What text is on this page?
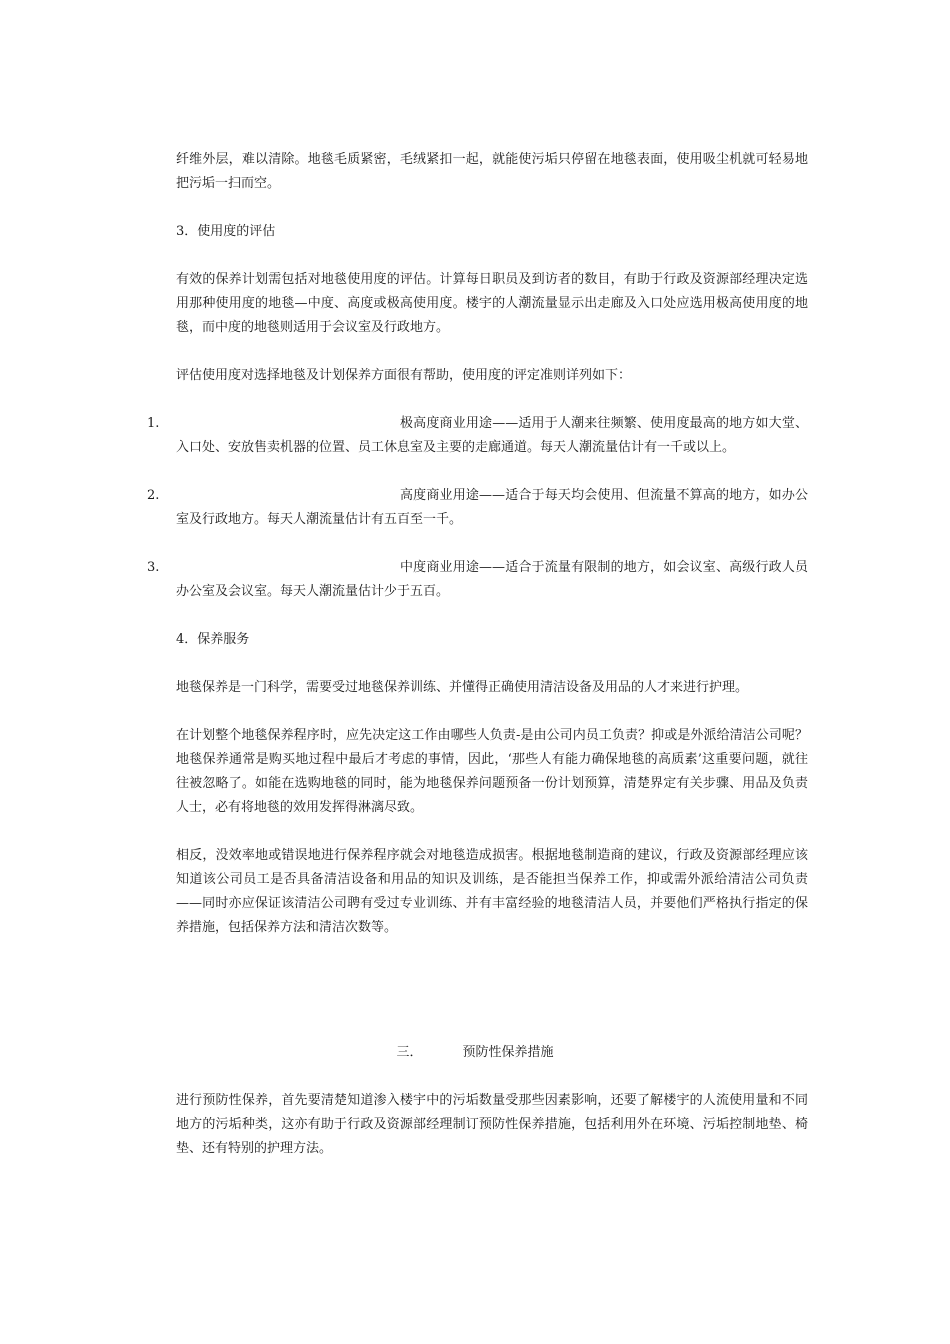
纤维外层，难以清除。地毯毛质紧密，毛绒紧扣一起，就能使污垢只停留在地毯表面，使用吸尘机就可轻易地把污垢一扫而空。

3．使用度的评估

有效的保养计划需包括对地毯使用度的评估。计算每日职员及到访者的数目，有助于行政及资源部经理决定选用那种使用度的地毯—中度、高度或极高使用度。楼宇的人潮流量显示出走廊及入口处应选用极高使用度的地毯，而中度的地毯则适用于会议室及行政地方。

评估使用度对选择地毯及计划保养方面很有帮助，使用度的评定准则详列如下：

1.	极高度商业用途——适用于人潮来往频繁、使用度最高的地方如大堂、入口处、安放售卖机器的位置、员工休息室及主要的走廊通道。每天人潮流量估计有一千或以上。

2.	高度商业用途——适合于每天均会使用、但流量不算高的地方，如办公室及行政地方。每天人潮流量估计有五百至一千。

3.	中度商业用途——适合于流量有限制的地方，如会议室、高级行政人员办公室及会议室。每天人潮流量估计少于五百。

4．保养服务

地毯保养是一门科学，需要受过地毯保养训练、并懂得正确使用清洁设备及用品的人才来进行护理。

在计划整个地毯保养程序时，应先决定这工作由哪些人负责-是由公司内员工负责？抑或是外派给清洁公司呢？地毯保养通常是购买地过程中最后才考虑的事情，因此，‘那些人有能力确保地毯的高质素’这重要问题，就往往被忽略了。如能在选购地毯的同时，能为地毯保养问题预备一份计划预算，清楚界定有关步骤、用品及负责人士，必有将地毯的效用发挥得淋漓尽致。

相反，没效率地或错误地进行保养程序就会对地毯造成损害。根据地毯制造商的建议，行政及资源部经理应该知道该公司员工是否具备清洁设备和用品的知识及训练，是否能担当保养工作，抑或需外派给清洁公司负责——同时亦应保证该清洁公司聘有受过专业训练、并有丰富经验的地毯清洁人员，并要他们严格执行指定的保养措施，包括保养方法和清洁次数等。

三．	预防性保养措施

进行预防性保养，首先要清楚知道渗入楼宇中的污垢数量受那些因素影响，还要了解楼宇的人流使用量和不同地方的污垢种类，这亦有助于行政及资源部经理制订预防性保养措施，包括利用外在环境、污垢控制地垫、椅垫、还有特别的护理方法。
